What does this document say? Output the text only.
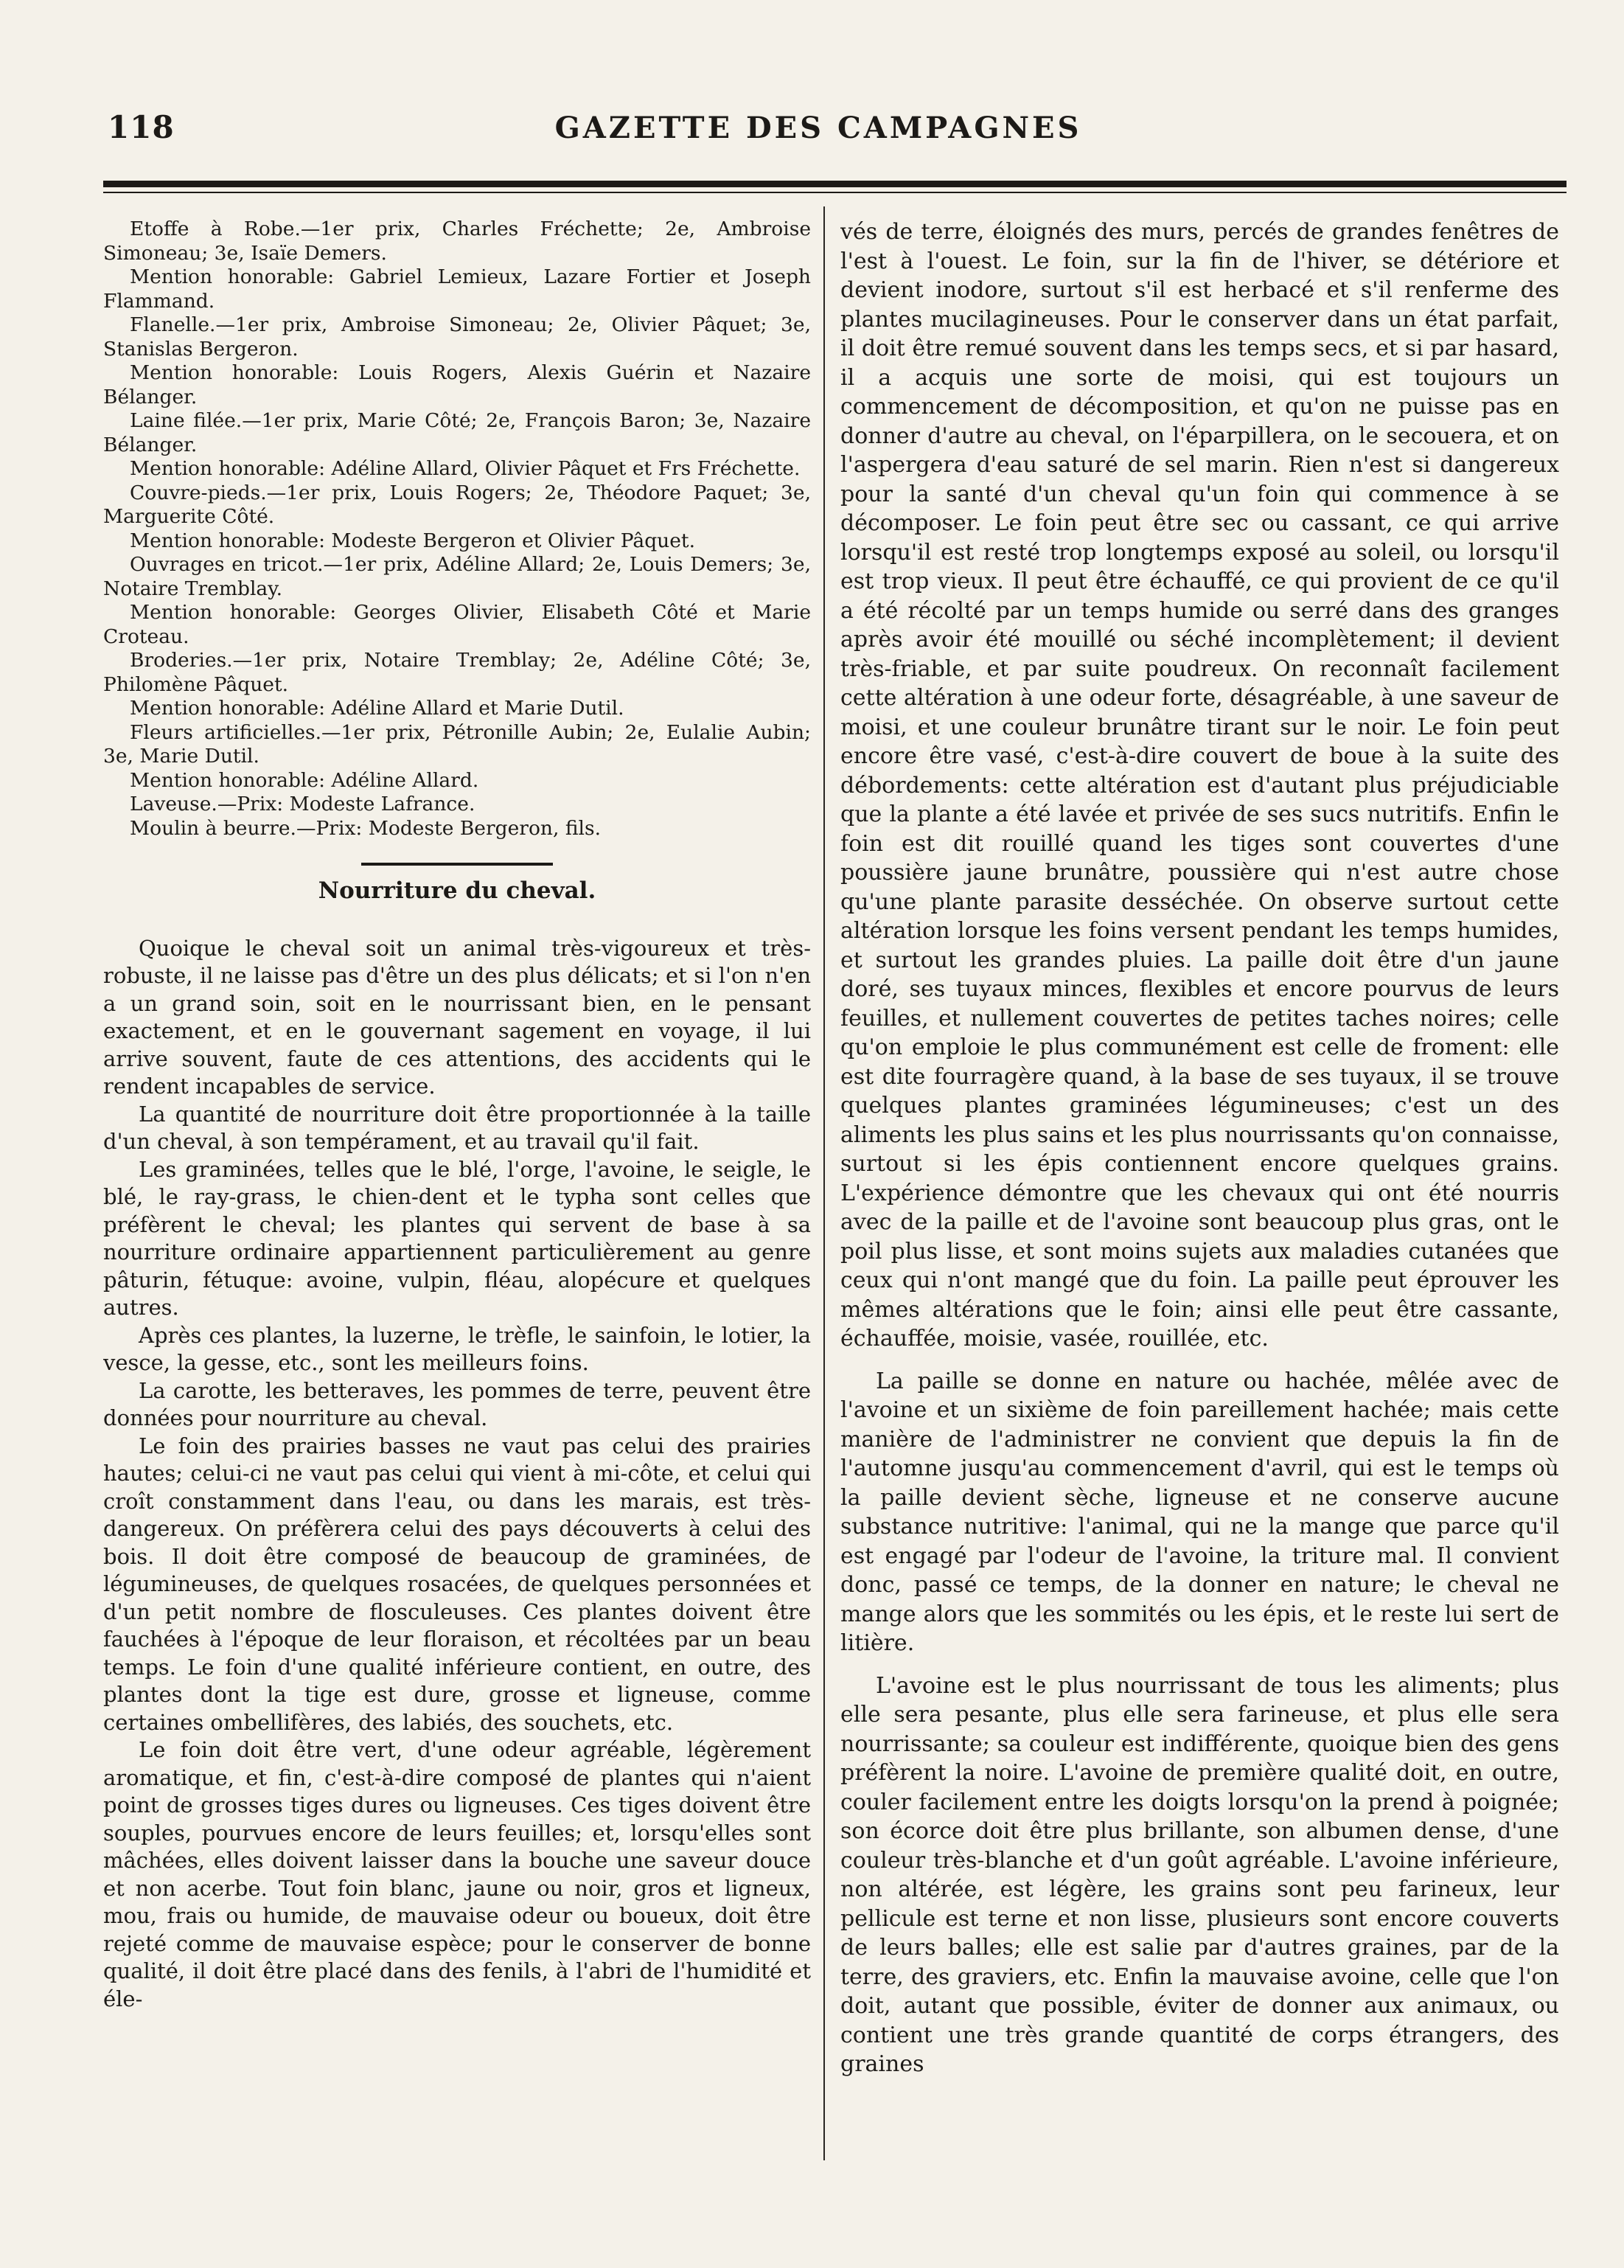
118	GAZETTE DES CAMPAGNES

Etoffe à Robe.—1er prix, Charles Fréchette; 2e, Ambroise Simoneau; 3e, Isaïe Demers.

Mention honorable: Gabriel Lemieux, Lazare Fortier et Joseph Flammand.

Flanelle.—1er prix, Ambroise Simoneau; 2e, Olivier Pâquet; 3e, Stanislas Bergeron.

Mention honorable: Louis Rogers, Alexis Guérin et Nazaire Bélanger.

Laine filée.—1er prix, Marie Côté; 2e, François Baron; 3e, Nazaire Bélanger.

Mention honorable: Adéline Allard, Olivier Pâquet et Frs Fréchette.

Couvre-pieds.—1er prix, Louis Rogers; 2e, Théodore Paquet; 3e, Marguerite Côté.

Mention honorable: Modeste Bergeron et Olivier Pâquet.

Ouvrages en tricot.—1er prix, Adéline Allard; 2e, Louis Demers; 3e, Notaire Tremblay.

Mention honorable: Georges Olivier, Elisabeth Côté et Marie Croteau.

Broderies.—1er prix, Notaire Tremblay; 2e, Adéline Côté; 3e, Philomène Pâquet.

Mention honorable: Adéline Allard et Marie Dutil.

Fleurs artificielles.—1er prix, Pétronille Aubin; 2e, Eulalie Aubin; 3e, Marie Dutil.

Mention honorable: Adéline Allard.

Laveuse.—Prix: Modeste Lafrance.

Moulin à beurre.—Prix: Modeste Bergeron, fils.

Nourriture du cheval.

Quoique le cheval soit un animal très-vigoureux et très-robuste, il ne laisse pas d'être un des plus délicats; et si l'on n'en a un grand soin, soit en le nourrissant bien, en le pensant exactement, et en le gouvernant sagement en voyage, il lui arrive souvent, faute de ces attentions, des accidents qui le rendent incapables de service.

La quantité de nourriture doit être proportionnée à la taille d'un cheval, à son tempérament, et au travail qu'il fait.

Les graminées, telles que le blé, l'orge, l'avoine, le seigle, le blé, le ray-grass, le chien-dent et le typha sont celles que préfèrent le cheval; les plantes qui servent de base à sa nourriture ordinaire appartiennent particulièrement au genre pâturin, fétuque: avoine, vulpin, fléau, alopécure et quelques autres.

Après ces plantes, la luzerne, le trèfle, le sainfoin, le lotier, la vesce, la gesse, etc., sont les meilleurs foins.

La carotte, les betteraves, les pommes de terre, peuvent être données pour nourriture au cheval.

Le foin des prairies basses ne vaut pas celui des prairies hautes; celui-ci ne vaut pas celui qui vient à mi-côte, et celui qui croît constamment dans l'eau, ou dans les marais, est très-dangereux. On préfèrera celui des pays découverts à celui des bois. Il doit être composé de beaucoup de graminées, de légumineuses, de quelques rosacées, de quelques personnées et d'un petit nombre de flosculeuses. Ces plantes doivent être fauchées à l'époque de leur floraison, et récoltées par un beau temps. Le foin d'une qualité inférieure contient, en outre, des plantes dont la tige est dure, grosse et ligneuse, comme certaines ombellifères, des labiés, des souchets, etc.

Le foin doit être vert, d'une odeur agréable, légèrement aromatique, et fin, c'est-à-dire composé de plantes qui n'aient point de grosses tiges dures ou ligneuses. Ces tiges doivent être souples, pourvues encore de leurs feuilles; et, lorsqu'elles sont mâchées, elles doivent laisser dans la bouche une saveur douce et non acerbe. Tout foin blanc, jaune ou noir, gros et ligneux, mou, frais ou humide, de mauvaise odeur ou boueux, doit être rejeté comme de mauvaise espèce; pour le conserver de bonne qualité, il doit être placé dans des fenils, à l'abri de l'humidité et éle-

vés de terre, éloignés des murs, percés de grandes fenêtres de l'est à l'ouest. Le foin, sur la fin de l'hiver, se détériore et devient inodore, surtout s'il est herbacé et s'il renferme des plantes mucilagineuses. Pour le conserver dans un état parfait, il doit être remué souvent dans les temps secs, et si par hasard, il a acquis une sorte de moisi, qui est toujours un commencement de décomposition, et qu'on ne puisse pas en donner d'autre au cheval, on l'éparpillera, on le secouera, et on l'aspergera d'eau saturé de sel marin. Rien n'est si dangereux pour la santé d'un cheval qu'un foin qui commence à se décomposer. Le foin peut être sec ou cassant, ce qui arrive lorsqu'il est resté trop longtemps exposé au soleil, ou lorsqu'il est trop vieux. Il peut être échauffé, ce qui provient de ce qu'il a été récolté par un temps humide ou serré dans des granges après avoir été mouillé ou séché incomplètement; il devient très-friable, et par suite poudreux. On reconnaît facilement cette altération à une odeur forte, désagréable, à une saveur de moisi, et une couleur brunâtre tirant sur le noir. Le foin peut encore être vasé, c'est-à-dire couvert de boue à la suite des débordements: cette altération est d'autant plus préjudiciable que la plante a été lavée et privée de ses sucs nutritifs. Enfin le foin est dit rouillé quand les tiges sont couvertes d'une poussière jaune brunâtre, poussière qui n'est autre chose qu'une plante parasite desséchée. On observe surtout cette altération lorsque les foins versent pendant les temps humides, et surtout les grandes pluies. La paille doit être d'un jaune doré, ses tuyaux minces, flexibles et encore pourvus de leurs feuilles, et nullement couvertes de petites taches noires; celle qu'on emploie le plus communément est celle de froment: elle est dite fourragère quand, à la base de ses tuyaux, il se trouve quelques plantes graminées légumineuses; c'est un des aliments les plus sains et les plus nourrissants qu'on connaisse, surtout si les épis contiennent encore quelques grains. L'expérience démontre que les chevaux qui ont été nourris avec de la paille et de l'avoine sont beaucoup plus gras, ont le poil plus lisse, et sont moins sujets aux maladies cutanées que ceux qui n'ont mangé que du foin. La paille peut éprouver les mêmes altérations que le foin; ainsi elle peut être cassante, échauffée, moisie, vasée, rouillée, etc.

La paille se donne en nature ou hachée, mêlée avec de l'avoine et un sixième de foin pareillement hachée; mais cette manière de l'administrer ne convient que depuis la fin de l'automne jusqu'au commencement d'avril, qui est le temps où la paille devient sèche, ligneuse et ne conserve aucune substance nutritive: l'animal, qui ne la mange que parce qu'il est engagé par l'odeur de l'avoine, la triture mal. Il convient donc, passé ce temps, de la donner en nature; le cheval ne mange alors que les sommités ou les épis, et le reste lui sert de litière.

L'avoine est le plus nourrissant de tous les aliments; plus elle sera pesante, plus elle sera farineuse, et plus elle sera nourrissante; sa couleur est indifférente, quoique bien des gens préfèrent la noire. L'avoine de première qualité doit, en outre, couler facilement entre les doigts lorsqu'on la prend à poignée; son écorce doit être plus brillante, son albumen dense, d'une couleur très-blanche et d'un goût agréable. L'avoine inférieure, non altérée, est légère, les grains sont peu farineux, leur pellicule est terne et non lisse, plusieurs sont encore couverts de leurs balles; elle est salie par d'autres graines, par de la terre, des graviers, etc. Enfin la mauvaise avoine, celle que l'on doit, autant que possible, éviter de donner aux animaux, ou contient une très grande quantité de corps étrangers, des graines
